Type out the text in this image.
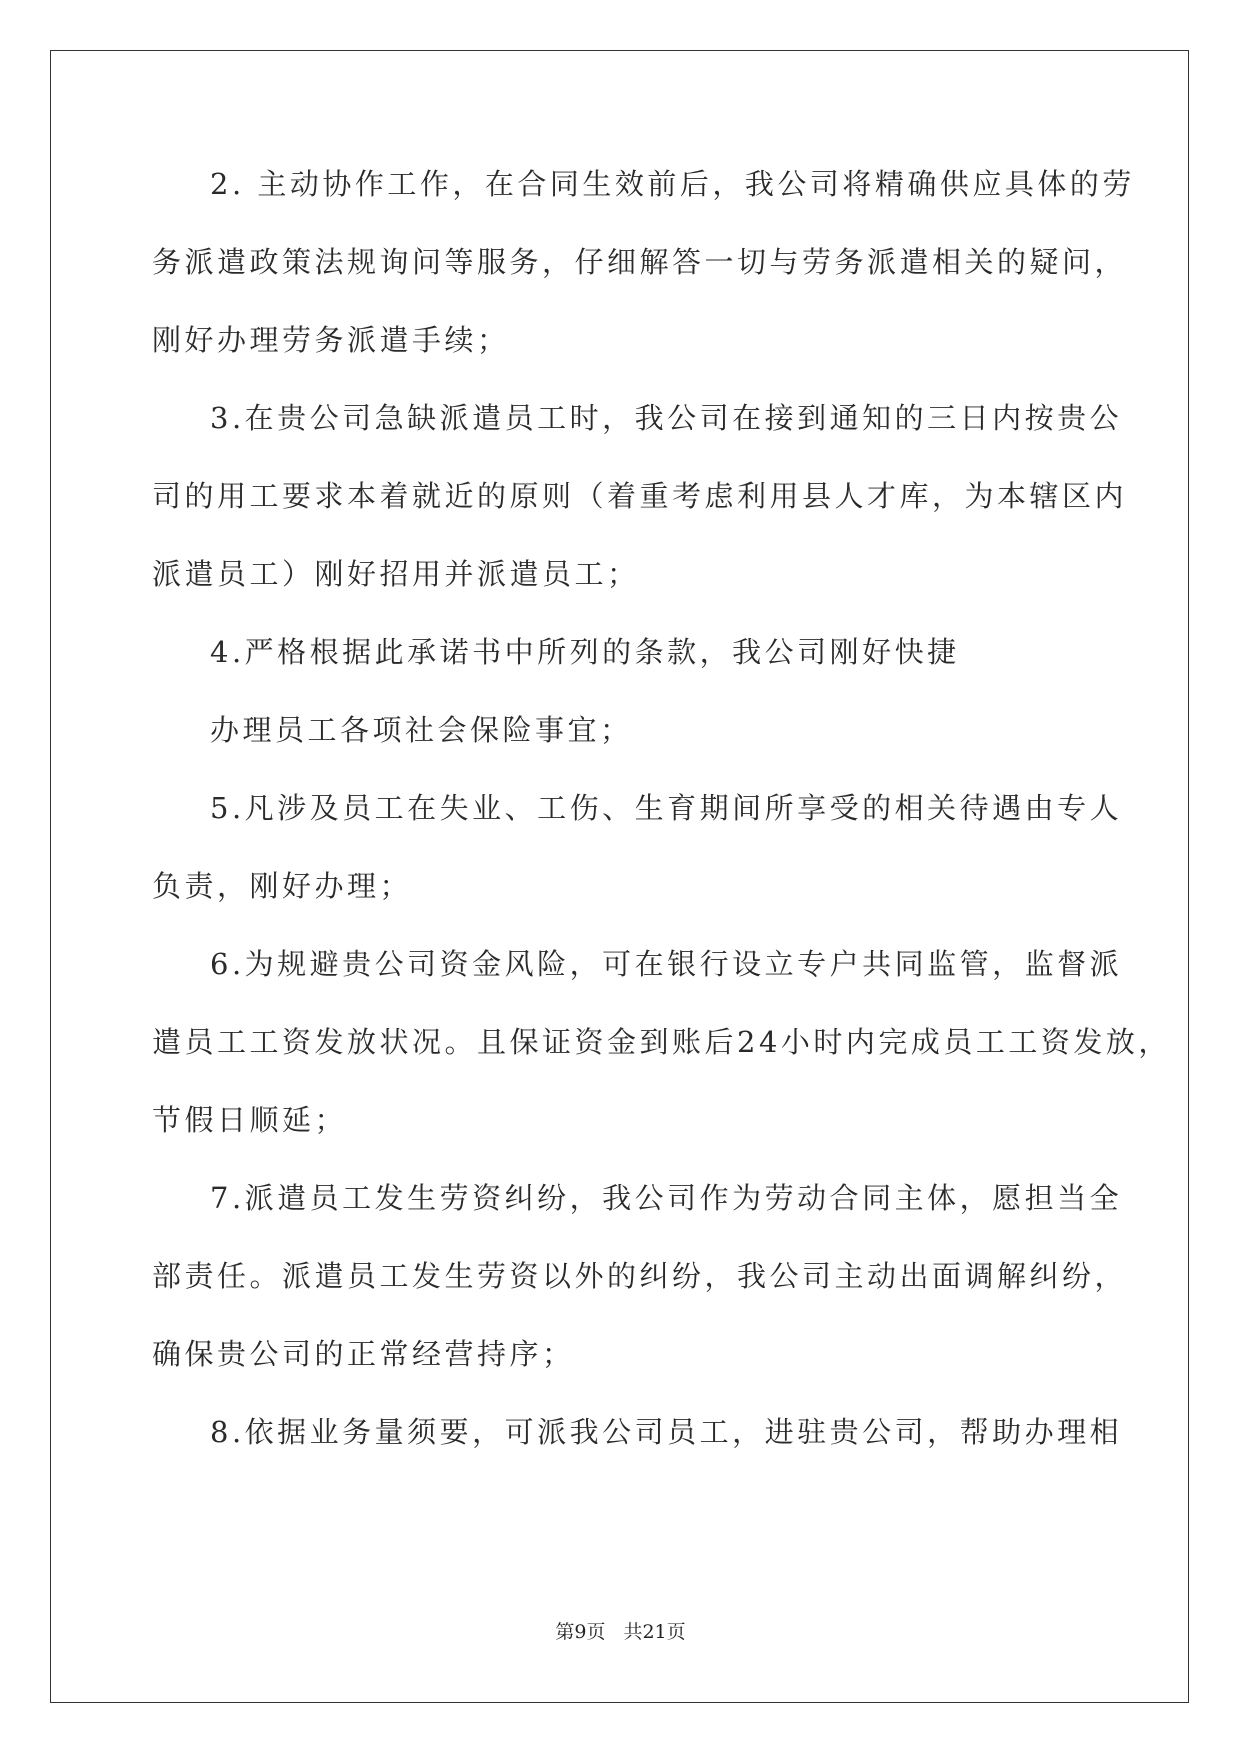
2. 主动协作工作，在合同生效前后，我公司将精确供应具体的劳
务派遣政策法规询问等服务，仔细解答一切与劳务派遣相关的疑问，
刚好办理劳务派遣手续；
3.在贵公司急缺派遣员工时，我公司在接到通知的三日内按贵公
司的用工要求本着就近的原则（着重考虑利用县人才库，为本辖区内
派遣员工）刚好招用并派遣员工；
4.严格根据此承诺书中所列的条款，我公司刚好快捷
办理员工各项社会保险事宜；
5.凡涉及员工在失业、工伤、生育期间所享受的相关待遇由专人
负责，刚好办理；
6.为规避贵公司资金风险，可在银行设立专户共同监管，监督派
遣员工工资发放状况。且保证资金到账后24小时内完成员工工资发放，
节假日顺延；
7.派遣员工发生劳资纠纷，我公司作为劳动合同主体，愿担当全
部责任。派遣员工发生劳资以外的纠纷，我公司主动出面调解纠纷，
确保贵公司的正常经营持序；
8.依据业务量须要，可派我公司员工，进驻贵公司，帮助办理相
第9页 共21页
